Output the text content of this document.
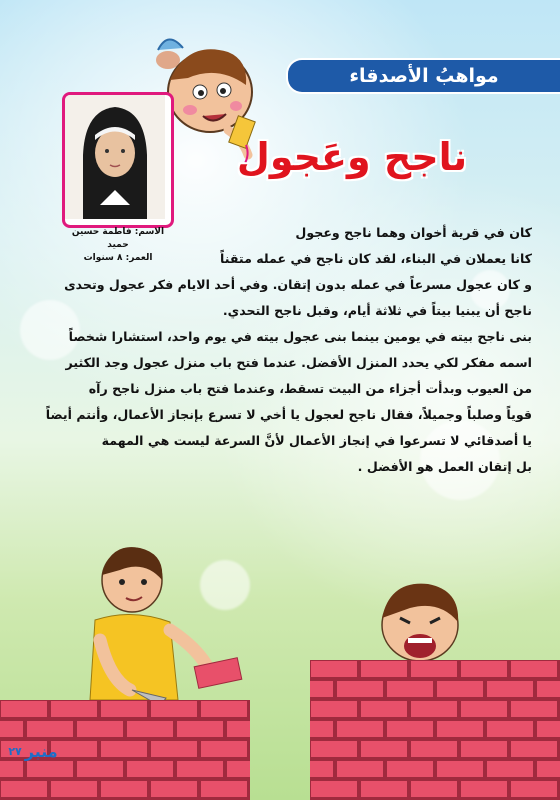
مواهبُ الأصدقاء
الاسم: فاطمة حسين حميد
العمر: ٨ سنوات
ناجح وعَجول

كان في قرية أخوان وهما ناجح وعجول

كانا يعملان في البناء، لقد كان ناجح في عمله متقناً

و كان عجول مسرعاً في عمله بدون إتقان. وفي أحد الايام فكر عجول وتحدى

ناجح أن يبنيا بيتاً في ثلاثة أيام، وقبل ناجح التحدي.

بنى ناجح بيته في يومين بينما بنى عجول بيته في يوم واحد، استشارا شخصاً

اسمه مفكر لكي يحدد المنزل الأفضل. عندما فتح باب منزل عجول وجد الكثير

من العيوب وبدأت أجزاء من البيت تسقط، وعندما فتح باب منزل ناجح رآه

قوياً وصلباً وجميلاً، فقال ناجح لعجول يا أخي لا تسرع بإنجاز الأعمال، وأنتم أيضاً

يا أصدقائي لا تسرعوا في إنجاز الأعمال لأنَّ السرعة ليست هي المهمة

بل إتقان العمل هو الأفضل .

منبر
٢٧
